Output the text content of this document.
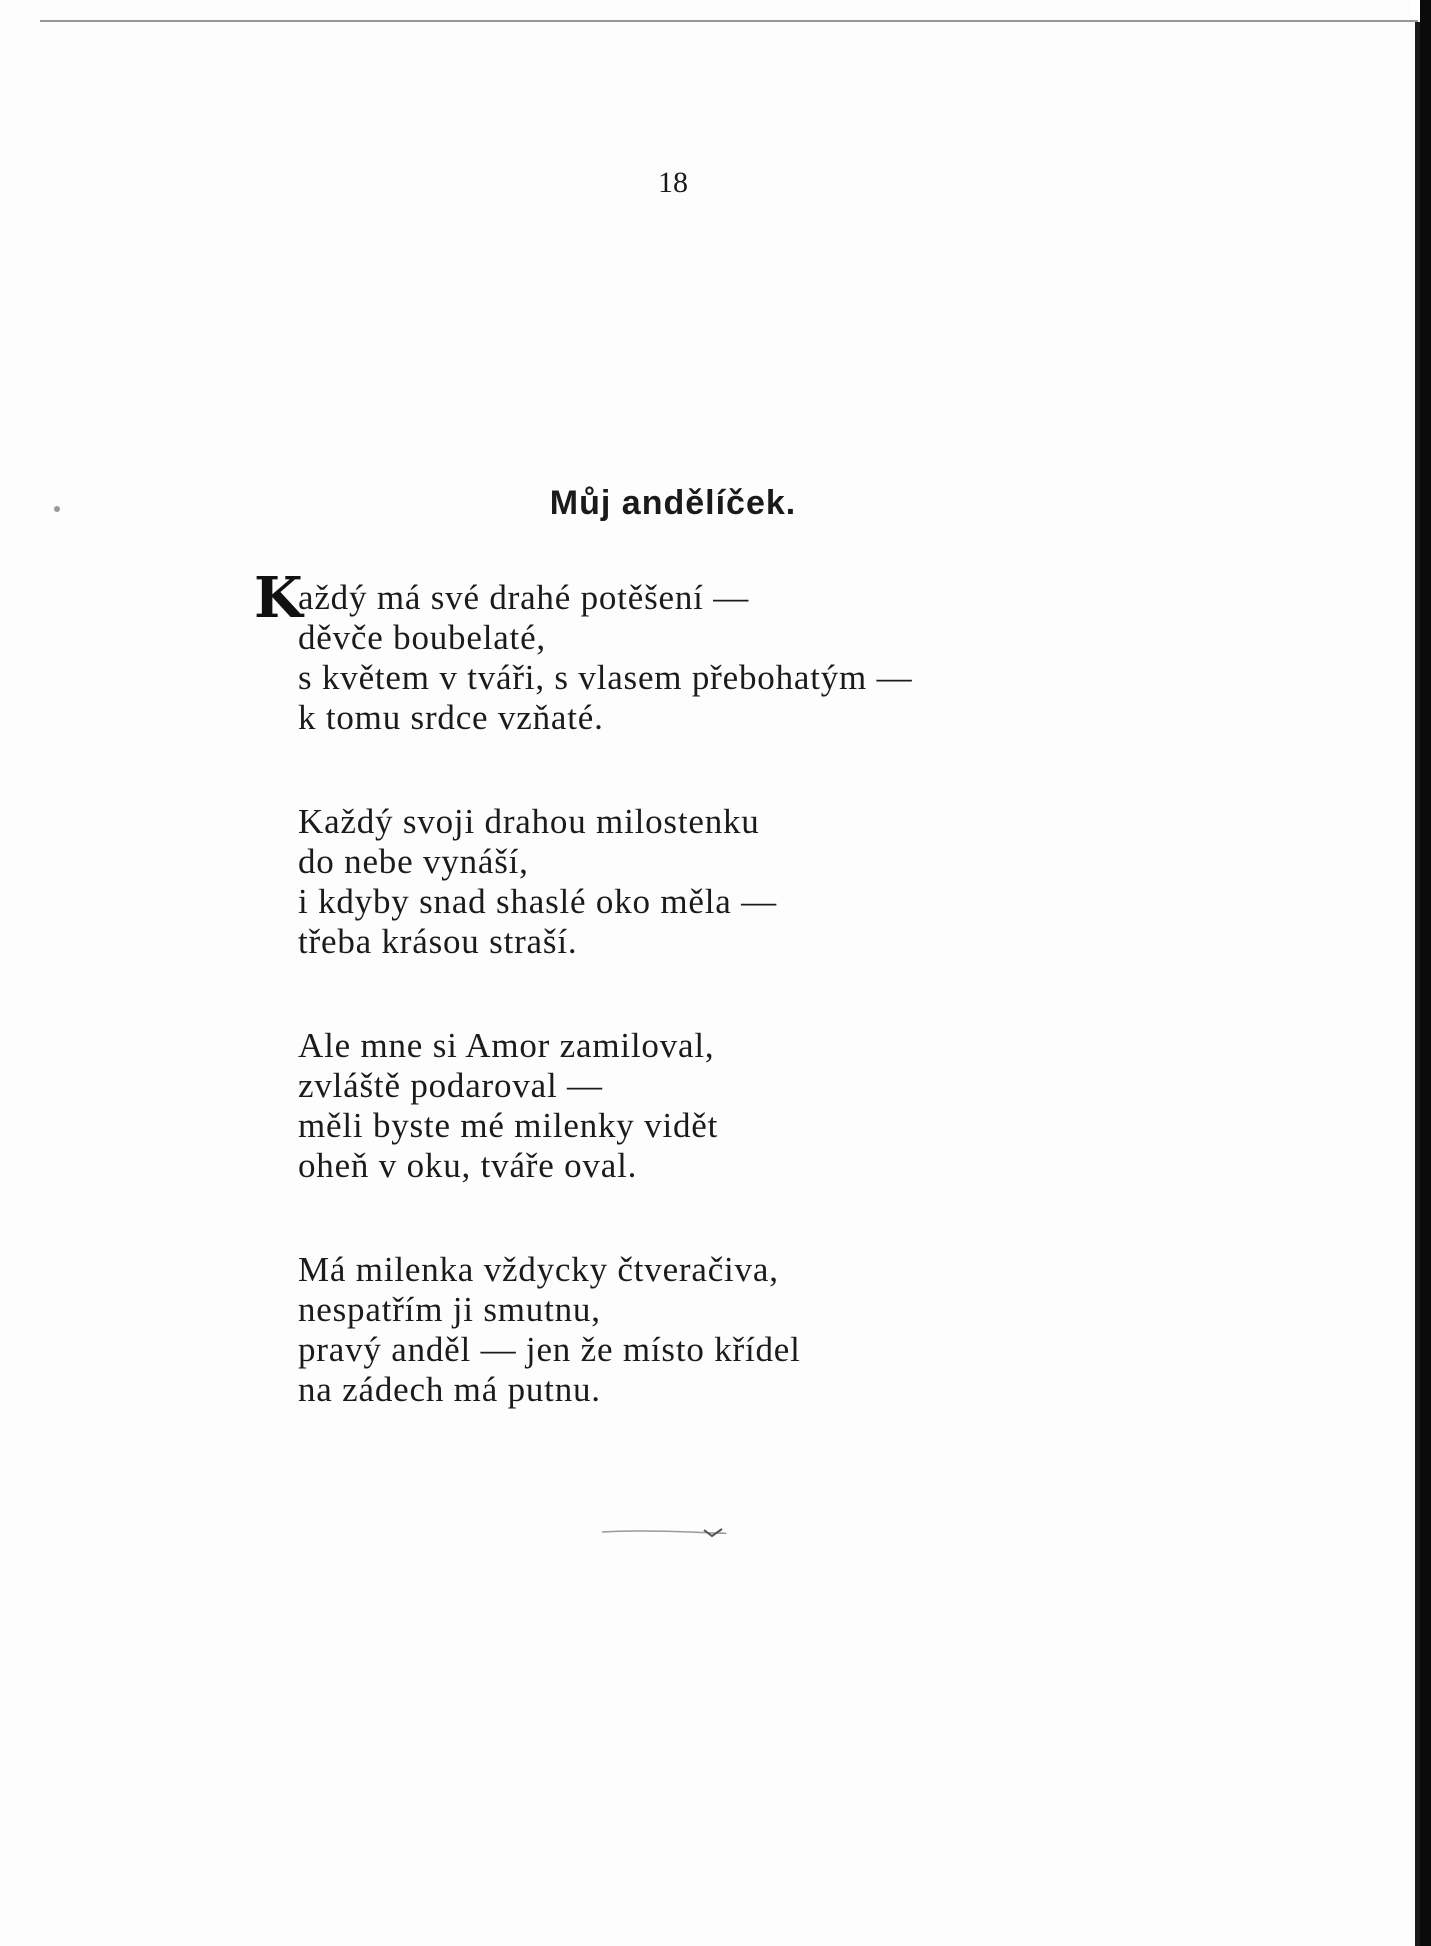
18
Můj andělíček.
K
aždý má své drahé potěšení —
děvče boubelaté,
s květem v tváři, s vlasem přebohatým —
k tomu srdce vzňaté.
Každý svoji drahou milostenku
do nebe vynáší,
i kdyby snad shaslé oko měla —
třeba krásou straší.
Ale mne si Amor zamiloval,
zvláště podaroval —
měli byste mé milenky vidět
oheň v oku, tváře oval.
Má milenka vždycky čtveračiva,
nespatřím ji smutnu,
pravý anděl — jen že místo křídel
na zádech má putnu.
